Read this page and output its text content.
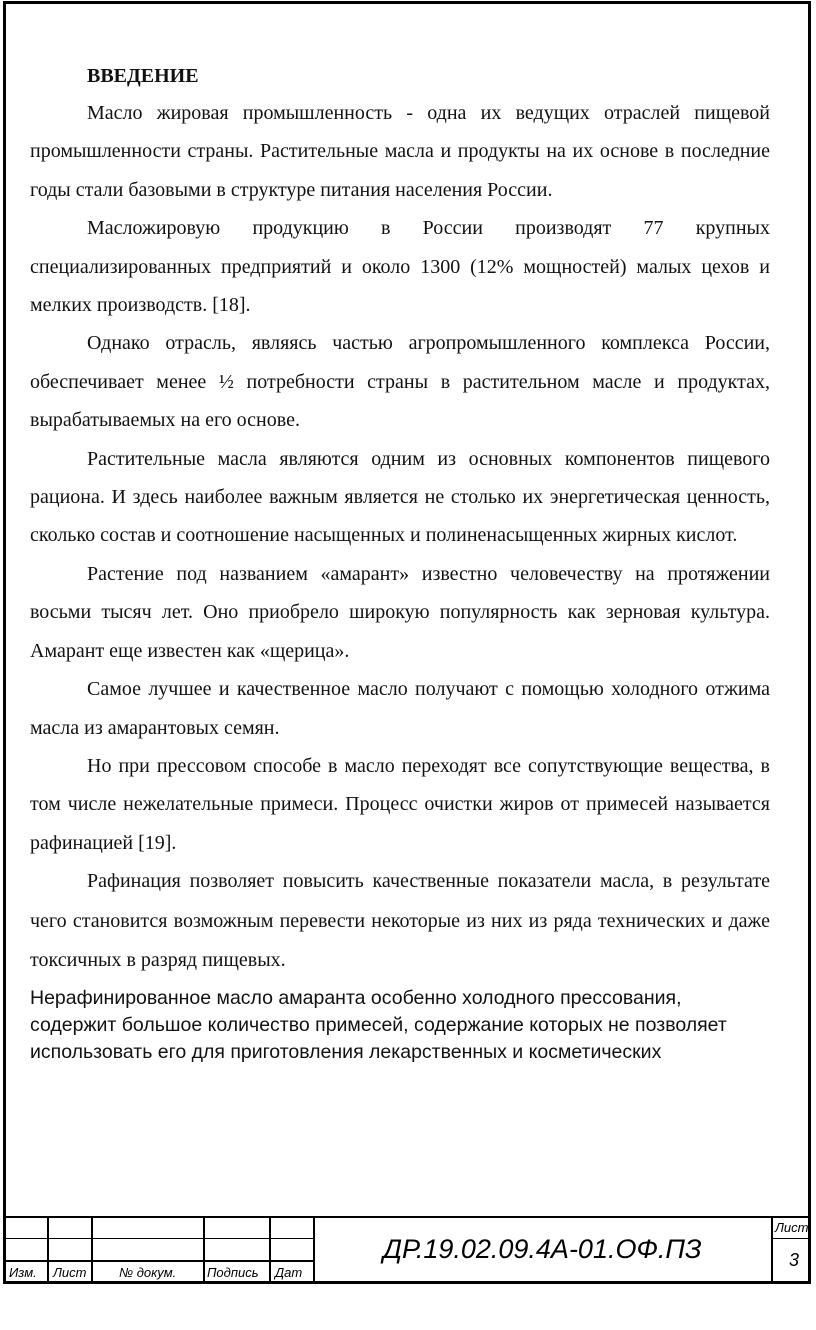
ВВЕДЕНИЕ

Масло жировая промышленность - одна их ведущих отраслей пищевой промышленности страны. Растительные масла и продукты на их основе в последние годы стали базовыми в структуре питания населения России.

Масложировую продукцию в России производят 77 крупных специализированных предприятий и около 1300 (12% мощностей) малых цехов и мелких производств. [18].

Однако отрасль, являясь частью агропромышленного комплекса России, обеспечивает менее ½ потребности страны в растительном масле и продуктах, вырабатываемых на его основе.

Растительные масла являются одним из основных компонентов пищевого рациона. И здесь наиболее важным является не столько их энергетическая ценность, сколько состав и соотношение насыщенных и полиненасыщенных жирных кислот.

Растение под названием «амарант» известно человечеству на протяжении восьми тысяч лет. Оно приобрело широкую популярность как зерновая культура. Амарант еще известен как «щерица».

Самое лучшее и качественное масло получают с помощью холодного отжима масла из амарантовых семян.

Но при прессовом способе в масло переходят все сопутствующие вещества, в том числе нежелательные примеси. Процесс очистки жиров от примесей называется рафинацией [19].

Рафинация позволяет повысить качественные показатели масла, в результате чего становится возможным перевести некоторые из них из ряда технических и даже токсичных в разряд пищевых.

Нерафинированное масло амаранта особенно холодного прессования, содержит большое количество примесей, содержание которых не позволяет использовать его для приготовления лекарственных и косметических

Изм. Лист	№ докум. Подпись Дат
ДР.19.02.09.4А-01.ОФ.ПЗ
Лист
3
